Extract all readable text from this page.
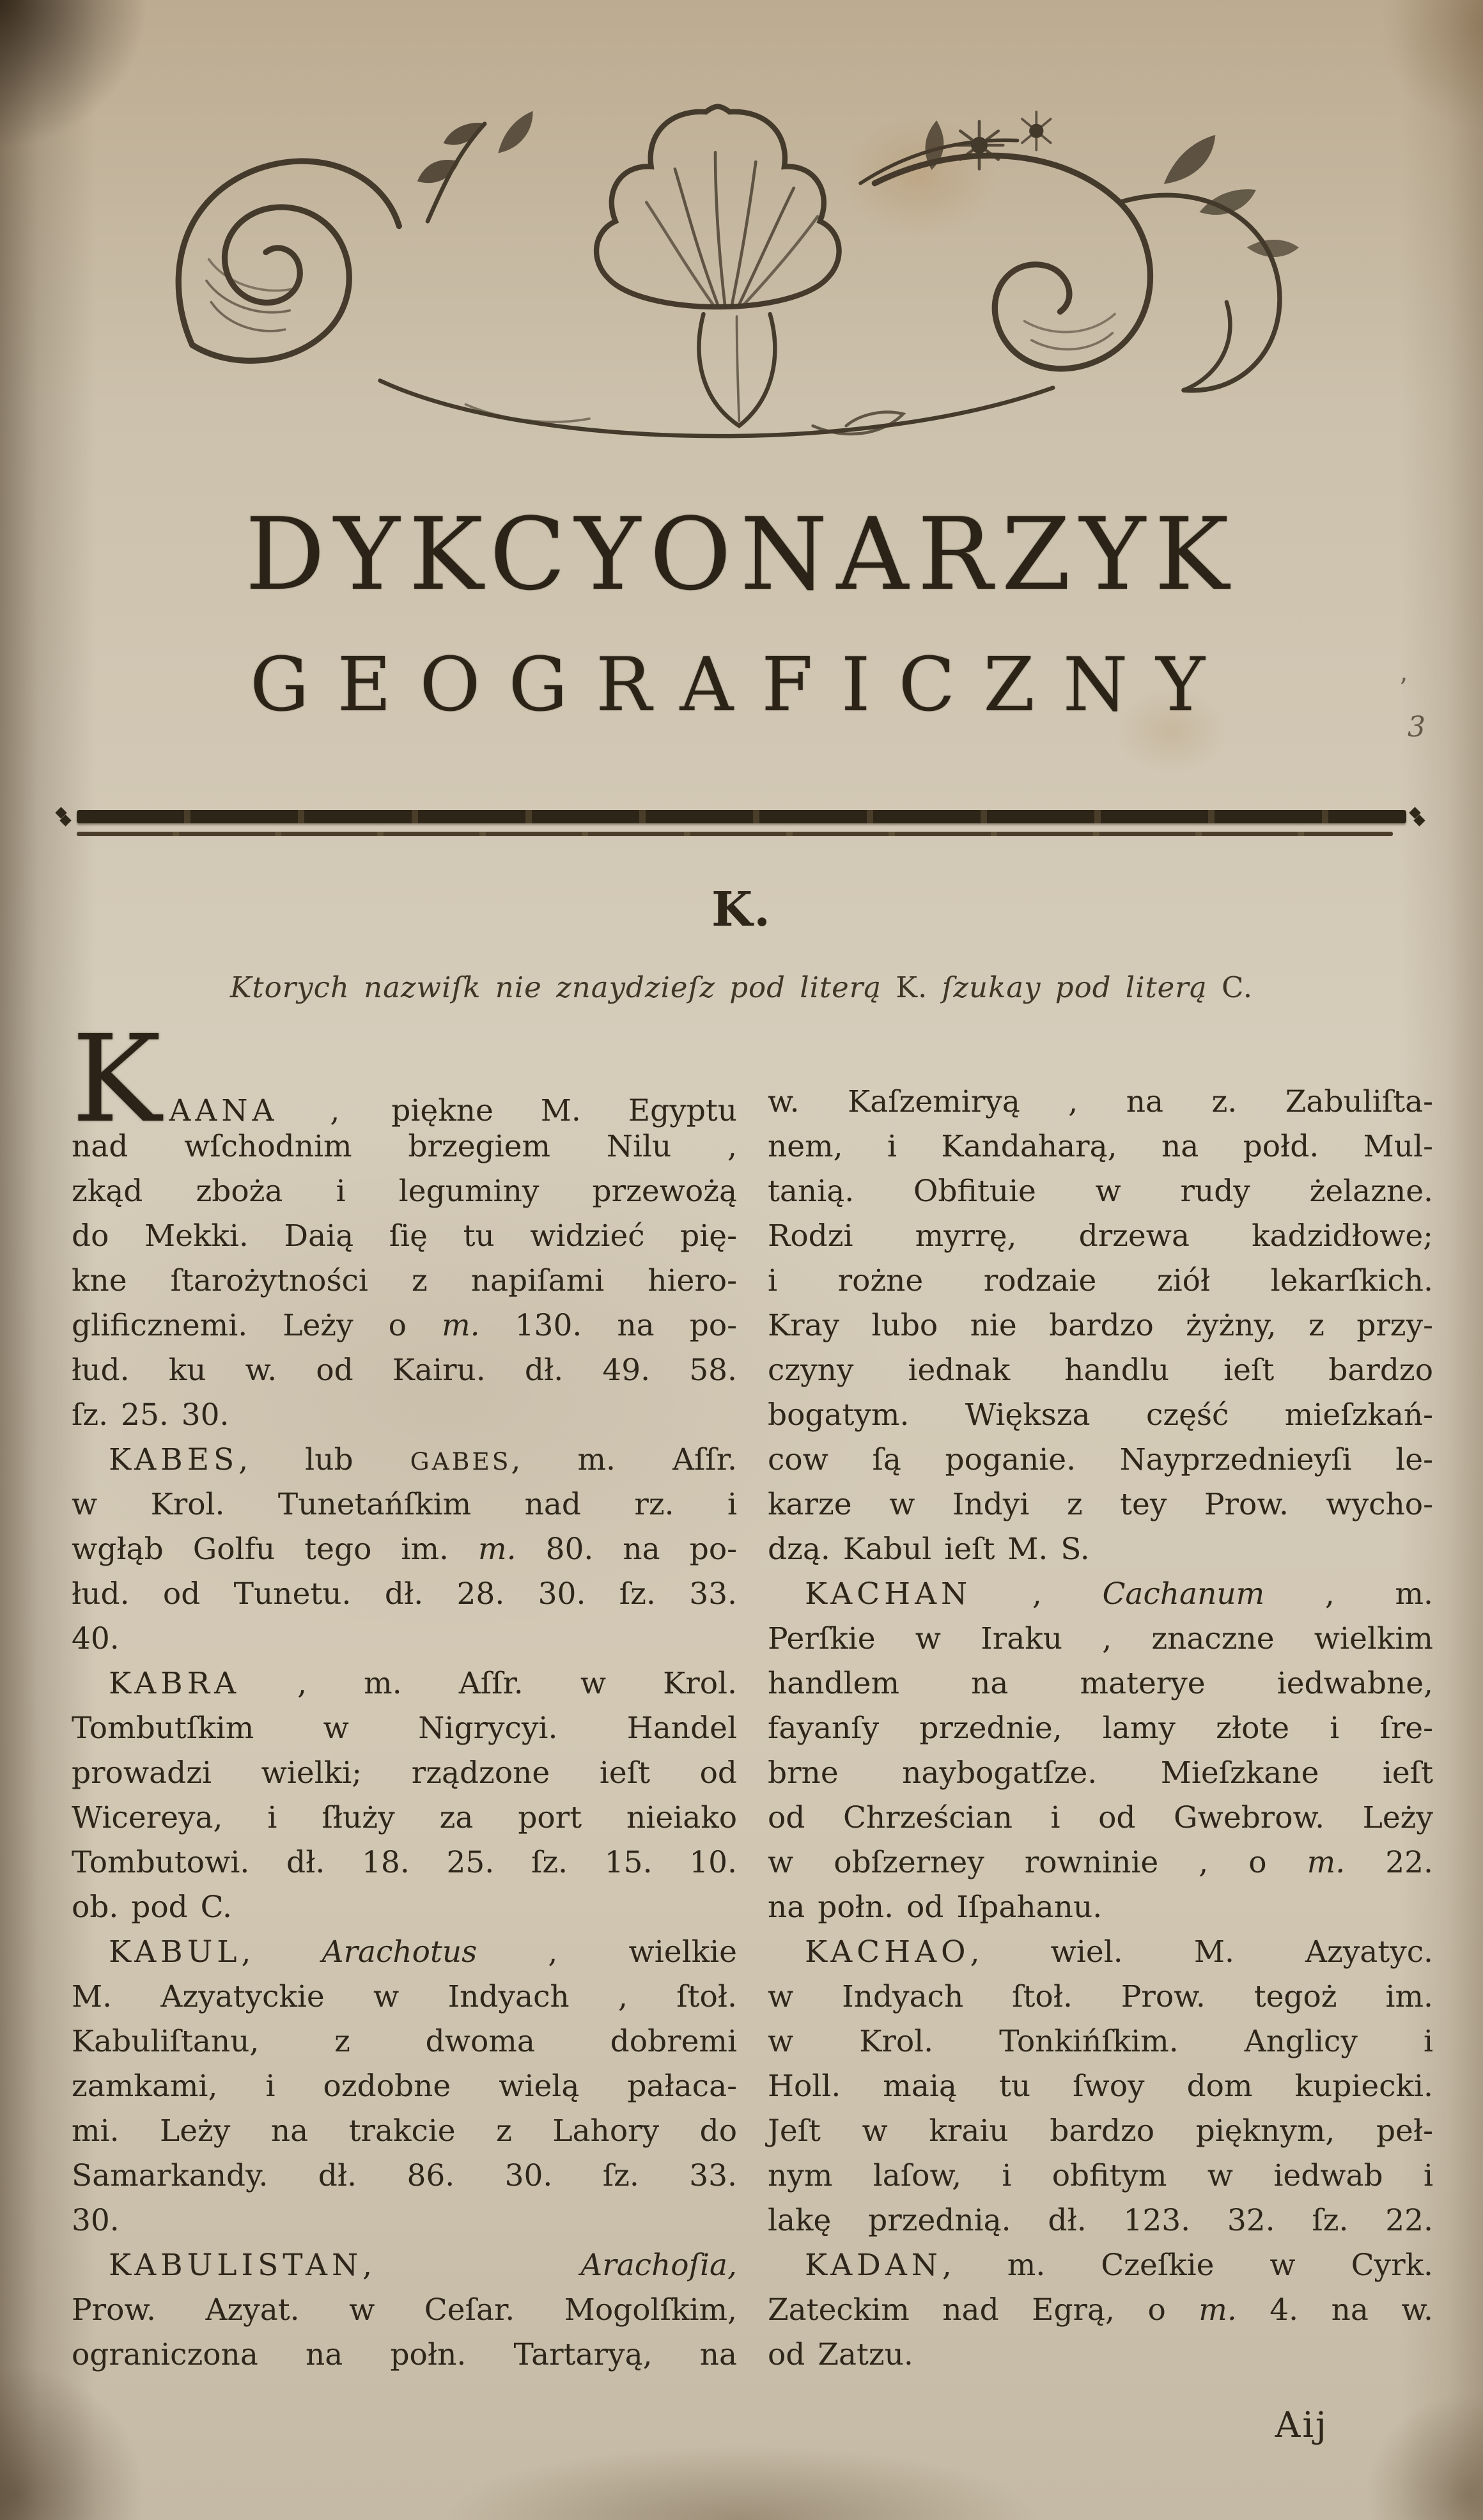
DYKCYONARZYK
GEOGRAFICZNY	’
3
K.
Ktorych nazwiſk nie znaydzieſz pod literą K. ſzukay pod literą C.
KAANA , piękne M. Egyptu
nad wſchodnim brzegiem Nilu ,
zkąd zboża i leguminy przewożą
do Mekki. Daią ſię tu widzieć pię-
kne ſtarożytności z napiſami hiero-
glificznemi. Leży o m. 130. na po-
łud. ku w. od Kairu. dł. 49. 58.
ſz. 25. 30.
KABES, lub GABES, m. Aſſr.
w Krol. Tunetańſkim nad rz. i
wgłąb Golfu tego im. m. 80. na po-
łud. od Tunetu. dł. 28. 30. ſz. 33.
40.
KABRA , m. Aſſr. w Krol.
Tombutſkim w Nigrycyi. Handel
prowadzi wielki; rządzone ieſt od
Wicereya, i ſłuży za port nieiako
Tombutowi. dł. 18. 25. ſz. 15. 10.
ob. pod C.
KABUL, Arachotus , wielkie
M. Azyatyckie w Indyach , ſtoł.
Kabuliſtanu, z dwoma dobremi
zamkami, i ozdobne wielą pałaca-
mi. Leży na trakcie z Lahory do
Samarkandy. dł. 86. 30. ſz. 33.
30.
KABULISTAN, Arachoſia,
Prow. Azyat. w Ceſar. Mogolſkim,
ograniczona na połn. Tartaryą, na
w. Kaſzemiryą , na z. Zabuliſta-
nem, i Kandaharą, na połd. Mul-
tanią. Obfituie w rudy żelazne.
Rodzi myrrę, drzewa kadzidłowe;
i rożne rodzaie ziół lekarſkich.
Kray lubo nie bardzo żyżny, z przy-
czyny iednak handlu ieſt bardzo
bogatym. Większa część mieſzkań-
cow ſą poganie. Nayprzednieyſi le-
karze w Indyi z tey Prow. wycho-
dzą. Kabul ieſt M. S.
KACHAN , Cachanum , m.
Perſkie w Iraku , znaczne wielkim
handlem na materye iedwabne,
fayanſy przednie, lamy złote i ſre-
brne naybogatſze. Mieſzkane ieſt
od Chrześcian i od Gwebrow. Leży
w obſzerney rowninie , o m. 22.
na połn. od Iſpahanu.
KACHAO, wiel. M. Azyatyc.
w Indyach ſtoł. Prow. tegoż im.
w Krol. Tonkińſkim. Anglicy i
Holl. maią tu ſwoy dom kupiecki.
Jeſt w kraiu bardzo pięknym, peł-
nym laſow, i obfitym w iedwab i
lakę przednią. dł. 123. 32. ſz. 22.
KADAN, m. Czeſkie w Cyrk.
Zateckim nad Egrą, o m. 4. na w.
od Zatzu.
Aij
